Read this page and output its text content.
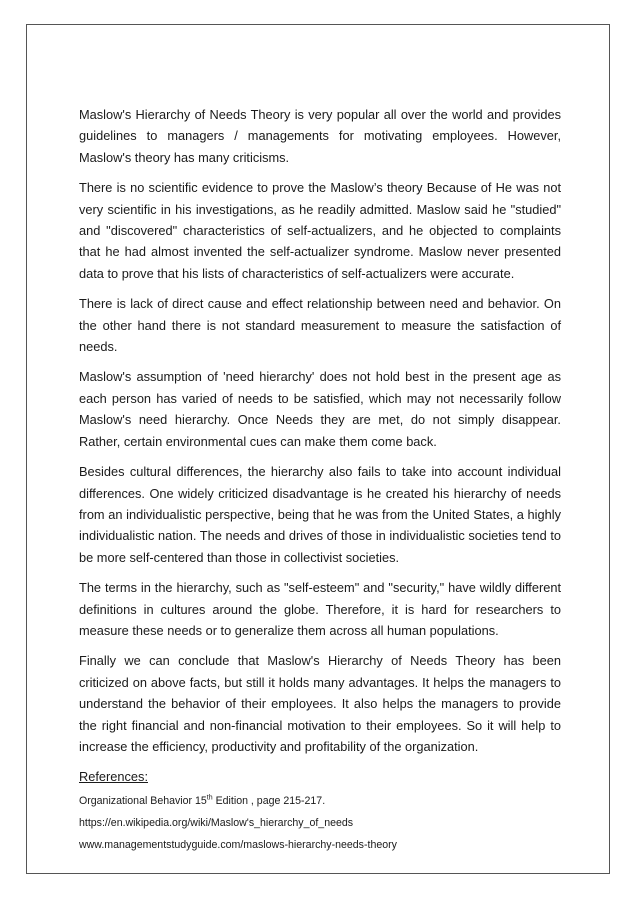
Maslow's Hierarchy of Needs Theory is very popular all over the world and provides guidelines to managers / managements for motivating employees. However, Maslow's theory has many criticisms.

There is no scientific evidence to prove the Maslow’s theory Because of He was not very scientific in his investigations, as he readily admitted. Maslow said he "studied" and "discovered" characteristics of self-actualizers, and he objected to complaints that he had almost invented the self-actualizer syndrome. Maslow never presented data to prove that his lists of characteristics of self-actualizers were accurate.

There is lack of direct cause and effect relationship between need and behavior. On the other hand there is not standard measurement to measure the satisfaction of needs.

Maslow's assumption of 'need hierarchy' does not hold best in the present age as each person has varied of needs to be satisfied, which may not necessarily follow Maslow's need hierarchy. Once Needs they are met, do not simply disappear. Rather, certain environmental cues can make them come back.

Besides cultural differences, the hierarchy also fails to take into account individual differences. One widely criticized disadvantage is he created his hierarchy of needs from an individualistic perspective, being that he was from the United States, a highly individualistic nation. The needs and drives of those in individualistic societies tend to be more self-centered than those in collectivist societies.

The terms in the hierarchy, such as "self-esteem" and "security," have wildly different definitions in cultures around the globe. Therefore, it is hard for researchers to measure these needs or to generalize them across all human populations.

Finally we can conclude that Maslow's Hierarchy of Needs Theory has been criticized on above facts, but still it holds many advantages. It helps the managers to understand the behavior of their employees. It also helps the managers to provide the right financial and non-financial motivation to their employees. So it will help to increase the efficiency, productivity and profitability of the organization.

References:
Organizational Behavior 15th Edition , page 215-217.
https://en.wikipedia.org/wiki/Maslow's_hierarchy_of_needs
www.managementstudyguide.com/maslows-hierarchy-needs-theory
